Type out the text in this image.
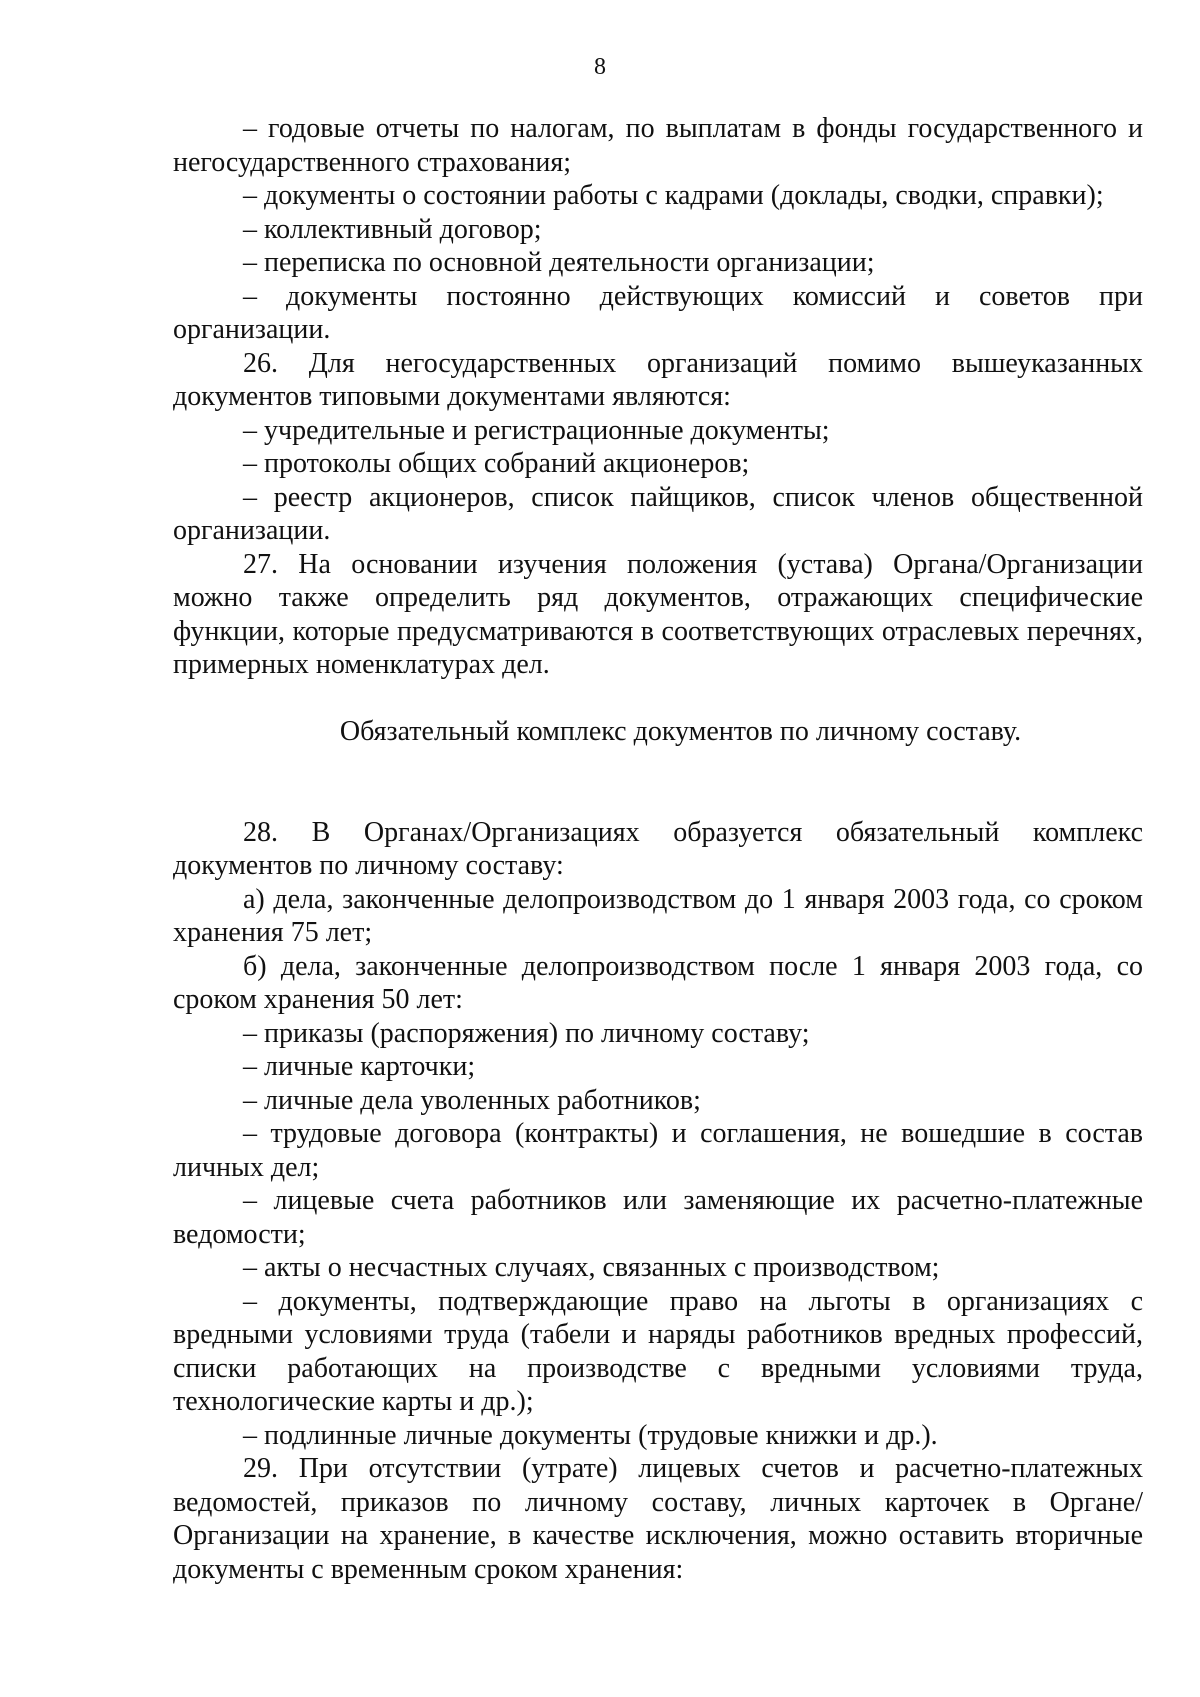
8

– годовые отчеты по налогам, по выплатам в фонды государственного и негосударственного страхования;

– документы о состоянии работы с кадрами (доклады, сводки, справки);

– коллективный договор;

– переписка по основной деятельности организации;

– документы постоянно действующих комиссий и советов при организации.

26. Для негосударственных организаций помимо вышеуказанных документов типовыми документами являются:

– учредительные и регистрационные документы;

– протоколы общих собраний акционеров;

– реестр акционеров, список пайщиков, список членов общественной организации.

27. На основании изучения положения (устава) Органа/Организации можно также определить ряд документов, отражающих специфические функции, которые предусматриваются в соответствующих отраслевых перечнях, примерных номенклатурах дел.

Обязательный комплекс документов по личному составу.

28. В Органах/Организациях образуется обязательный комплекс документов по личному составу:

а) дела, законченные делопроизводством до 1 января 2003 года, со сроком хранения 75 лет;

б) дела, законченные делопроизводством после 1 января 2003 года, со сроком хранения 50 лет:

– приказы (распоряжения) по личному составу;

– личные карточки;

– личные дела уволенных работников;

– трудовые договора (контракты) и соглашения, не вошедшие в состав личных дел;

– лицевые счета работников или заменяющие их расчетно-платежные ведомости;

– акты о несчастных случаях, связанных с производством;

– документы, подтверждающие право на льготы в организациях с вредными условиями труда (табели и наряды работников вредных профессий, списки работающих на производстве с вредными условиями труда, технологические карты и др.);

– подлинные личные документы (трудовые книжки и др.).

29. При отсутствии (утрате) лицевых счетов и расчетно-платежных ведомостей, приказов по личному составу, личных карточек в Органе/Организации на хранение, в качестве исключения, можно оставить вторичные документы с временным сроком хранения:
